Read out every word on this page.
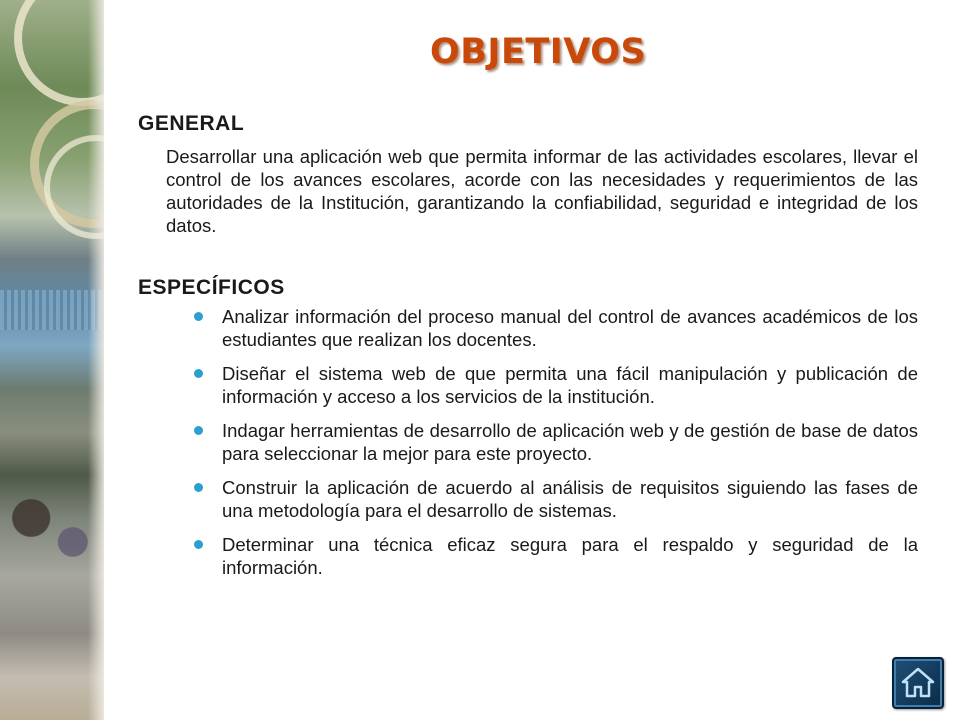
OBJETIVOS
GENERAL
Desarrollar una aplicación web que permita informar de las actividades escolares, llevar el control de los avances escolares, acorde con las necesidades y requerimientos de las autoridades de la Institución, garantizando la confiabilidad, seguridad e integridad de los datos.
ESPECÍFICOS
Analizar información del proceso manual del control de avances académicos de los estudiantes que realizan los docentes.
Diseñar el sistema web de que permita una fácil manipulación y publicación de información y acceso a los servicios de la institución.
Indagar herramientas de desarrollo de aplicación web y de gestión de base de datos para seleccionar la mejor para este proyecto.
Construir la aplicación de acuerdo al análisis de requisitos siguiendo las fases de una metodología para el desarrollo de sistemas.
Determinar una técnica eficaz segura para el respaldo y seguridad de la información.
